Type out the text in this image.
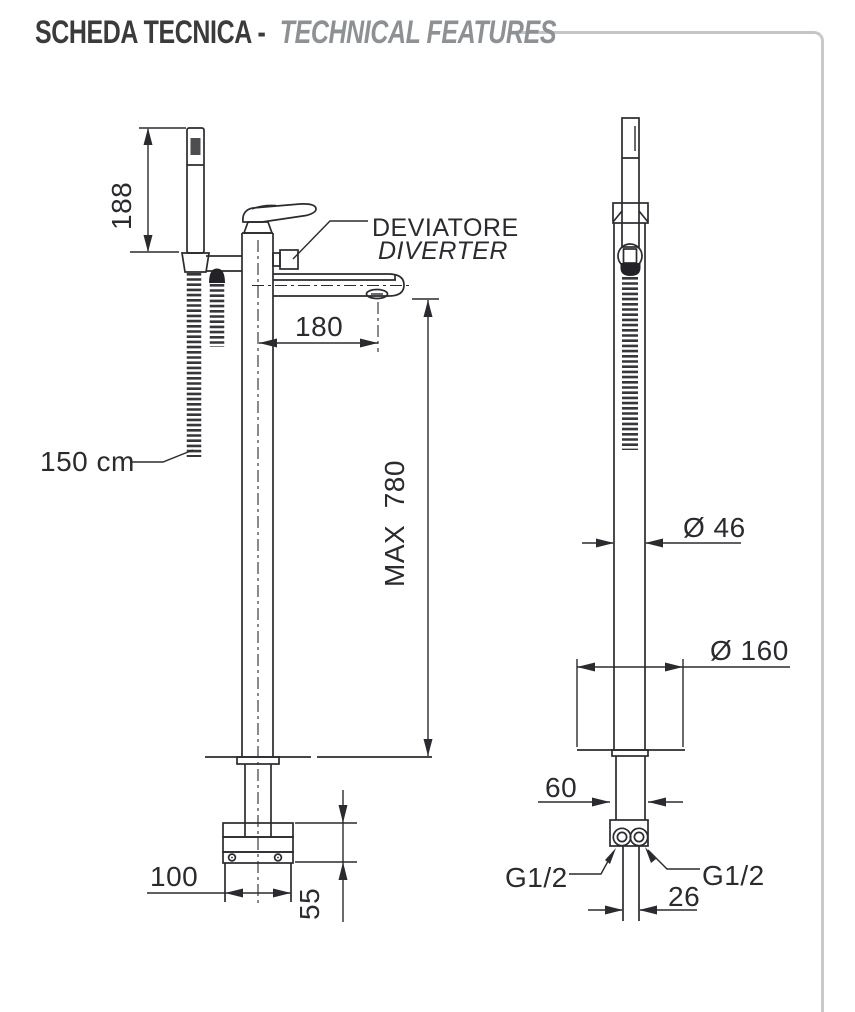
SCHEDA TECNICA - TECHNICAL FEATURES
188	DEVIATORE
DIVERTER
180
MAX  780
150 cm
100
55
Ø 46
Ø 160
60
G1/2	G1/2
26
